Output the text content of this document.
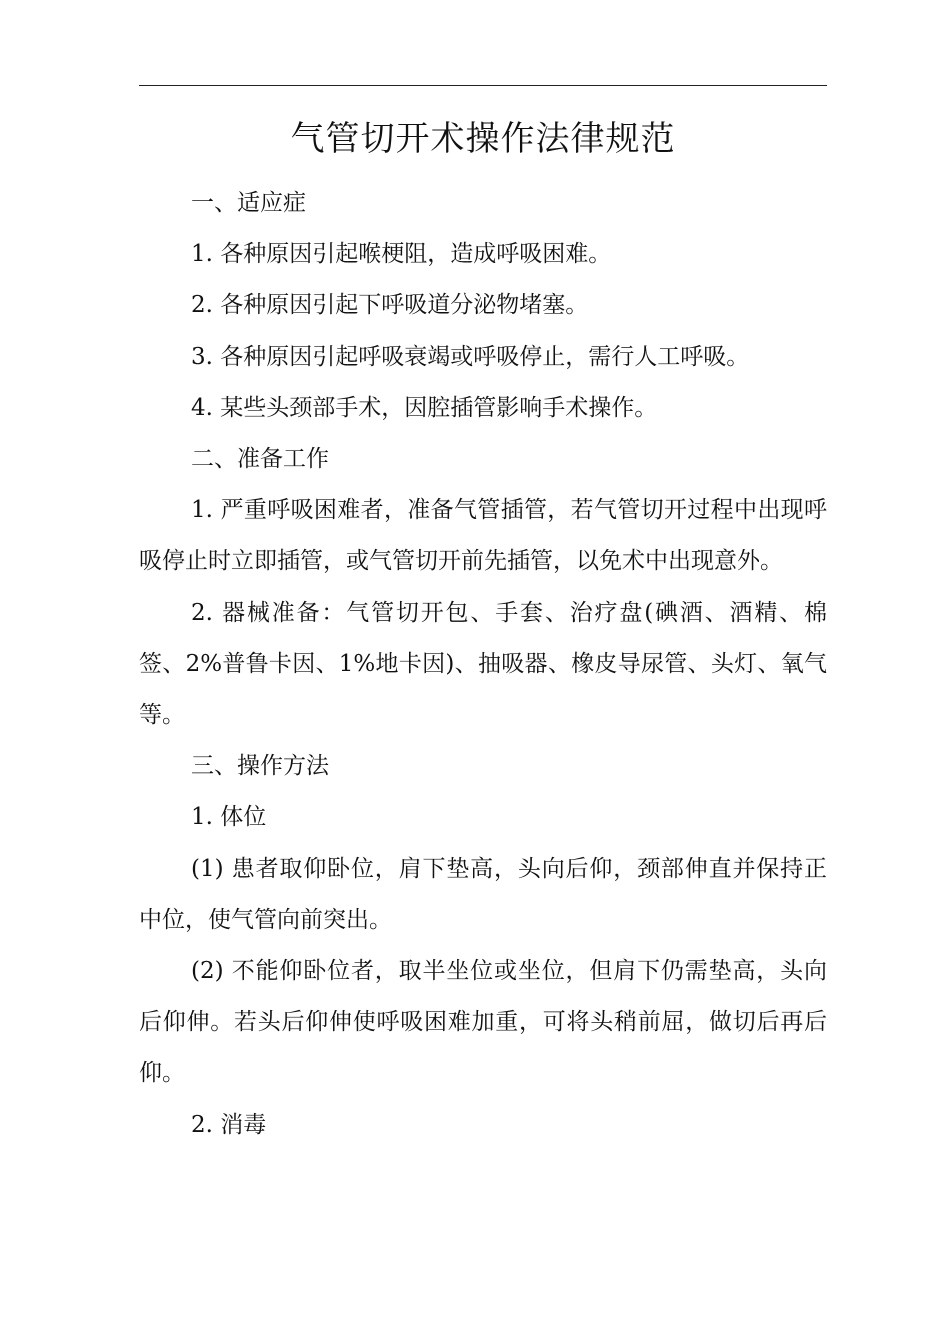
气管切开术操作法律规范

一、适应症

1. 各种原因引起喉梗阻，造成呼吸困难。

2. 各种原因引起下呼吸道分泌物堵塞。

3. 各种原因引起呼吸衰竭或呼吸停止，需行人工呼吸。

4. 某些头颈部手术，因腔插管影响手术操作。

二、准备工作

1. 严重呼吸困难者，准备气管插管，若气管切开过程中出现呼吸停止时立即插管，或气管切开前先插管，以免术中出现意外。

2. 器械准备：气管切开包、手套、治疗盘(碘酒、酒精、棉签、2%普鲁卡因、1%地卡因)、抽吸器、橡皮导尿管、头灯、氧气等。

三、操作方法

1. 体位

(1) 患者取仰卧位，肩下垫高，头向后仰，颈部伸直并保持正中位，使气管向前突出。

(2) 不能仰卧位者，取半坐位或坐位，但肩下仍需垫高，头向后仰伸。若头后仰伸使呼吸困难加重，可将头稍前屈，做切后再后仰。

2. 消毒
